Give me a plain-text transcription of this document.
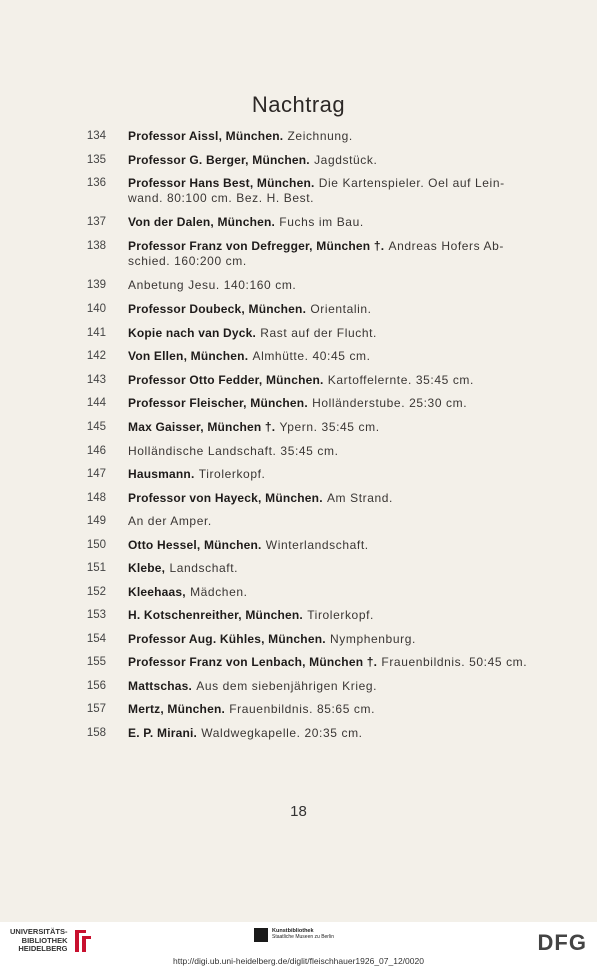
Nachtrag
134 Professor Aissl, München. Zeichnung.
135 Professor G. Berger, München. Jagdstück.
136 Professor Hans Best, München. Die Kartenspieler. Oel auf Lein-
wand. 80:100 cm. Bez. H. Best.
137 Von der Dalen, München. Fuchs im Bau.
138 Professor Franz von Defregger, München †. Andreas Hofers Ab-
schied. 160:200 cm.
139 Anbetung Jesu. 140:160 cm.
140 Professor Doubeck, München. Orientalin.
141 Kopie nach van Dyck. Rast auf der Flucht.
142 Von Ellen, München. Almhütte. 40:45 cm.
143 Professor Otto Fedder, München. Kartoffelernte. 35:45 cm.
144 Professor Fleischer, München. Holländerstube. 25:30 cm.
145 Max Gaisser, München †. Ypern. 35:45 cm.
146 Holländische Landschaft. 35:45 cm.
147 Hausmann. Tirolerkopf.
148 Professor von Hayeck, München. Am Strand.
149 An der Amper.
150 Otto Hessel, München. Winterlandschaft.
151 Klebe, Landschaft.
152 Kleehaas, Mädchen.
153 H. Kotschenreither, München. Tirolerkopf.
154 Professor Aug. Kühles, München. Nymphenburg.
155 Professor Franz von Lenbach, München †. Frauenbildnis. 50:45 cm.
156 Mattschas. Aus dem siebenjährigen Krieg.
157 Mertz, München. Frauenbildnis. 85:65 cm.
158 E. P. Mirani. Waldwegkapelle. 20:35 cm.
18
UNIVERSITÄTS-
BIBLIOTHEK
HEIDELBERG
Kunstbibliothek
Staatliche Museen zu Berlin	DFG
http://digi.ub.uni-heidelberg.de/diglit/fleischhauer1926_07_12/0020
